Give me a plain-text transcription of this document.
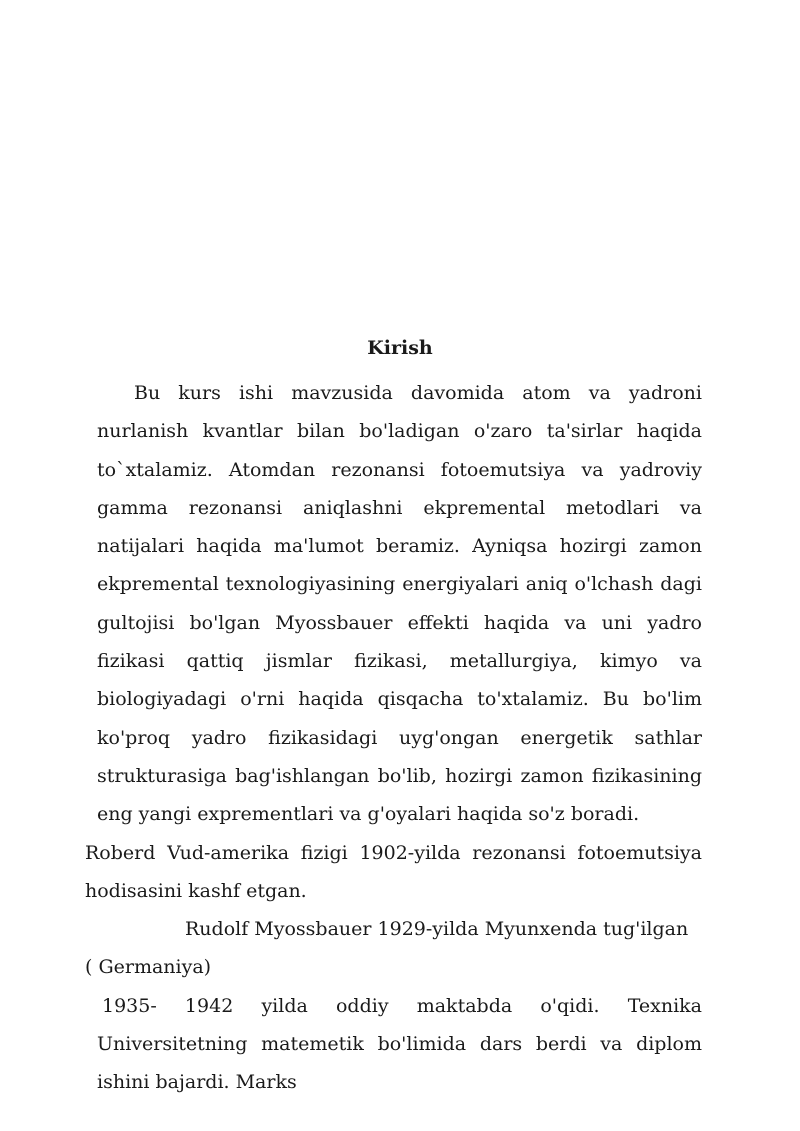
Kirish

Bu kurs ishi mavzusida davomida atom va yadroni nurlanish kvantlar bilan bo'ladigan o'zaro ta'sirlar haqida to`xtalamiz. Atomdan rezonansi fotoemutsiya va yadroviy gamma rezonansi aniqlashni ekpremental metodlari va natijalari haqida ma'lumot beramiz. Ayniqsa hozirgi zamon ekpremental texnologiyasining energiyalari aniq o'lchash dagi gultojisi bo'lgan Myossbauer effekti haqida va uni yadro fizikasi qattiq jismlar fizikasi, metallurgiya, kimyo va biologiyadagi o'rni haqida qisqacha to'xtalamiz. Bu bo'lim ko'proq yadro fizikasidagi uyg'ongan energetik sathlar strukturasiga bag'ishlangan bo'lib, hozirgi zamon fizikasining eng yangi exprementlari va g'oyalari haqida so'z boradi.

Roberd Vud-amerika fizigi 1902-yilda rezonansi fotoemutsiya hodisasini kashf etgan.

Rudolf Myossbauer 1929-yilda Myunxenda tug'ilgan

( Germaniya)

1935- 1942 yilda oddiy maktabda o'qidi. Texnika Universitetning matemetik bo'limida dars berdi va diplom ishini bajardi. Marks
